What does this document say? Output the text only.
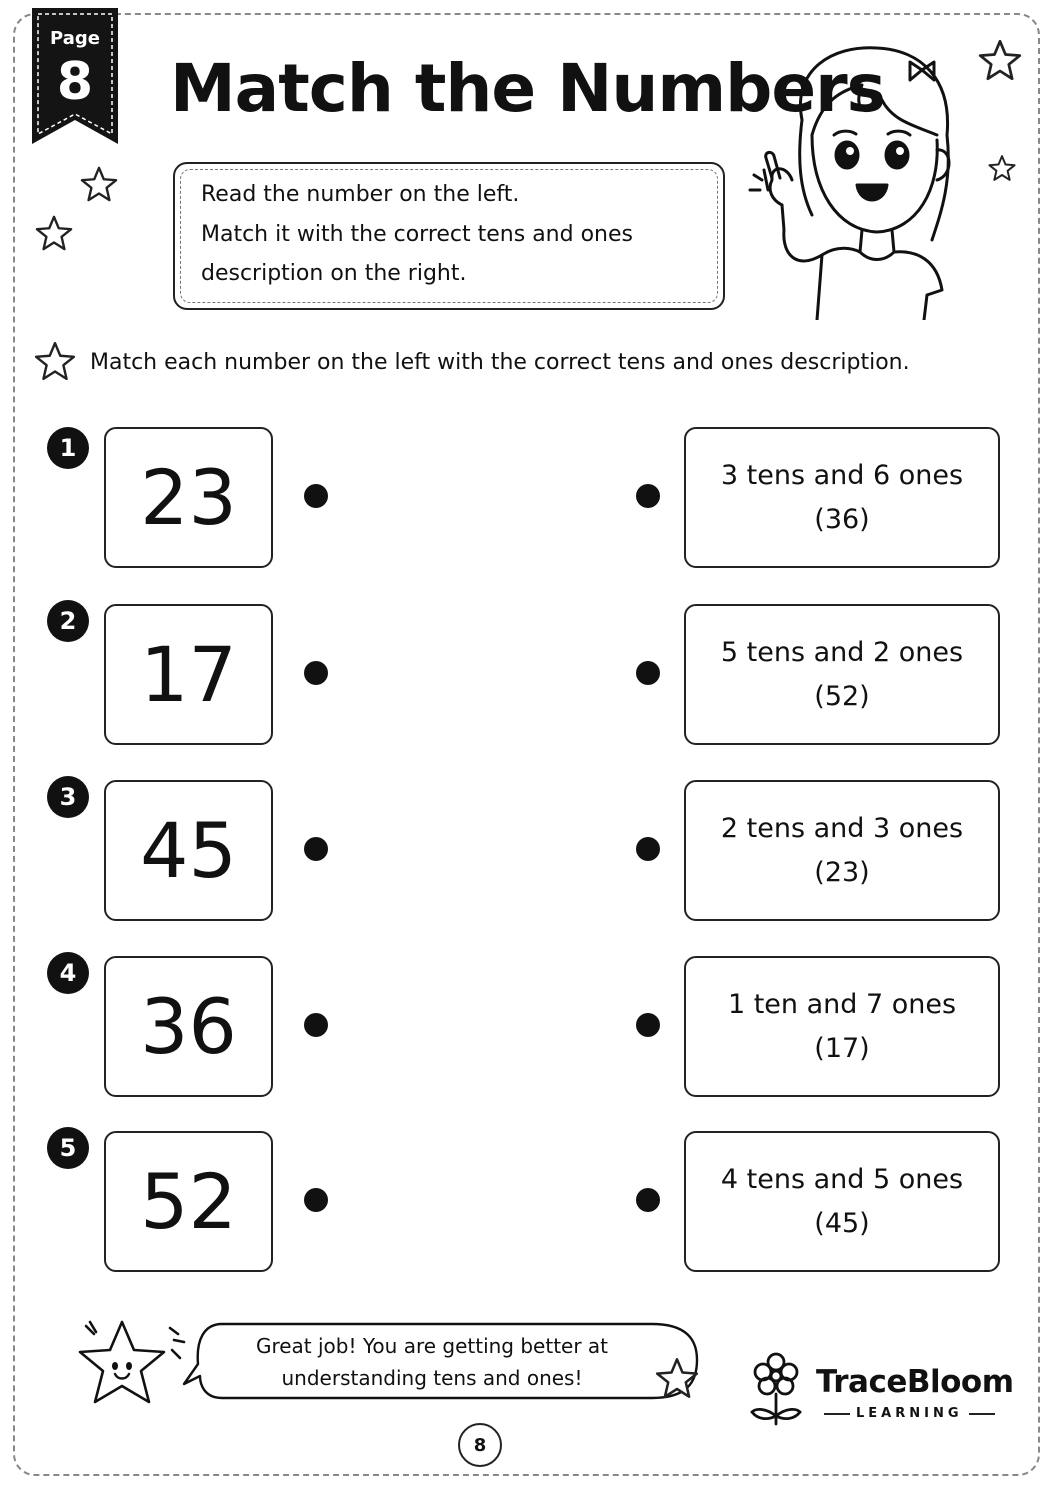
Page
8	Match the Numbers
Read the number on the left.
Match it with the correct tens and ones
description on the right.
Match each number on the left with the correct tens and ones description.
1
23	3 tens and 6 ones
(36)
2
17	5 tens and 2 ones
(52)
3
45	2 tens and 3 ones
(23)
4
36	1 ten and 7 ones
(17)
5
52	4 tens and 5 ones
(45)
Great job! You are getting better at
understanding tens and ones!	TraceBloom
LEARNING
8
